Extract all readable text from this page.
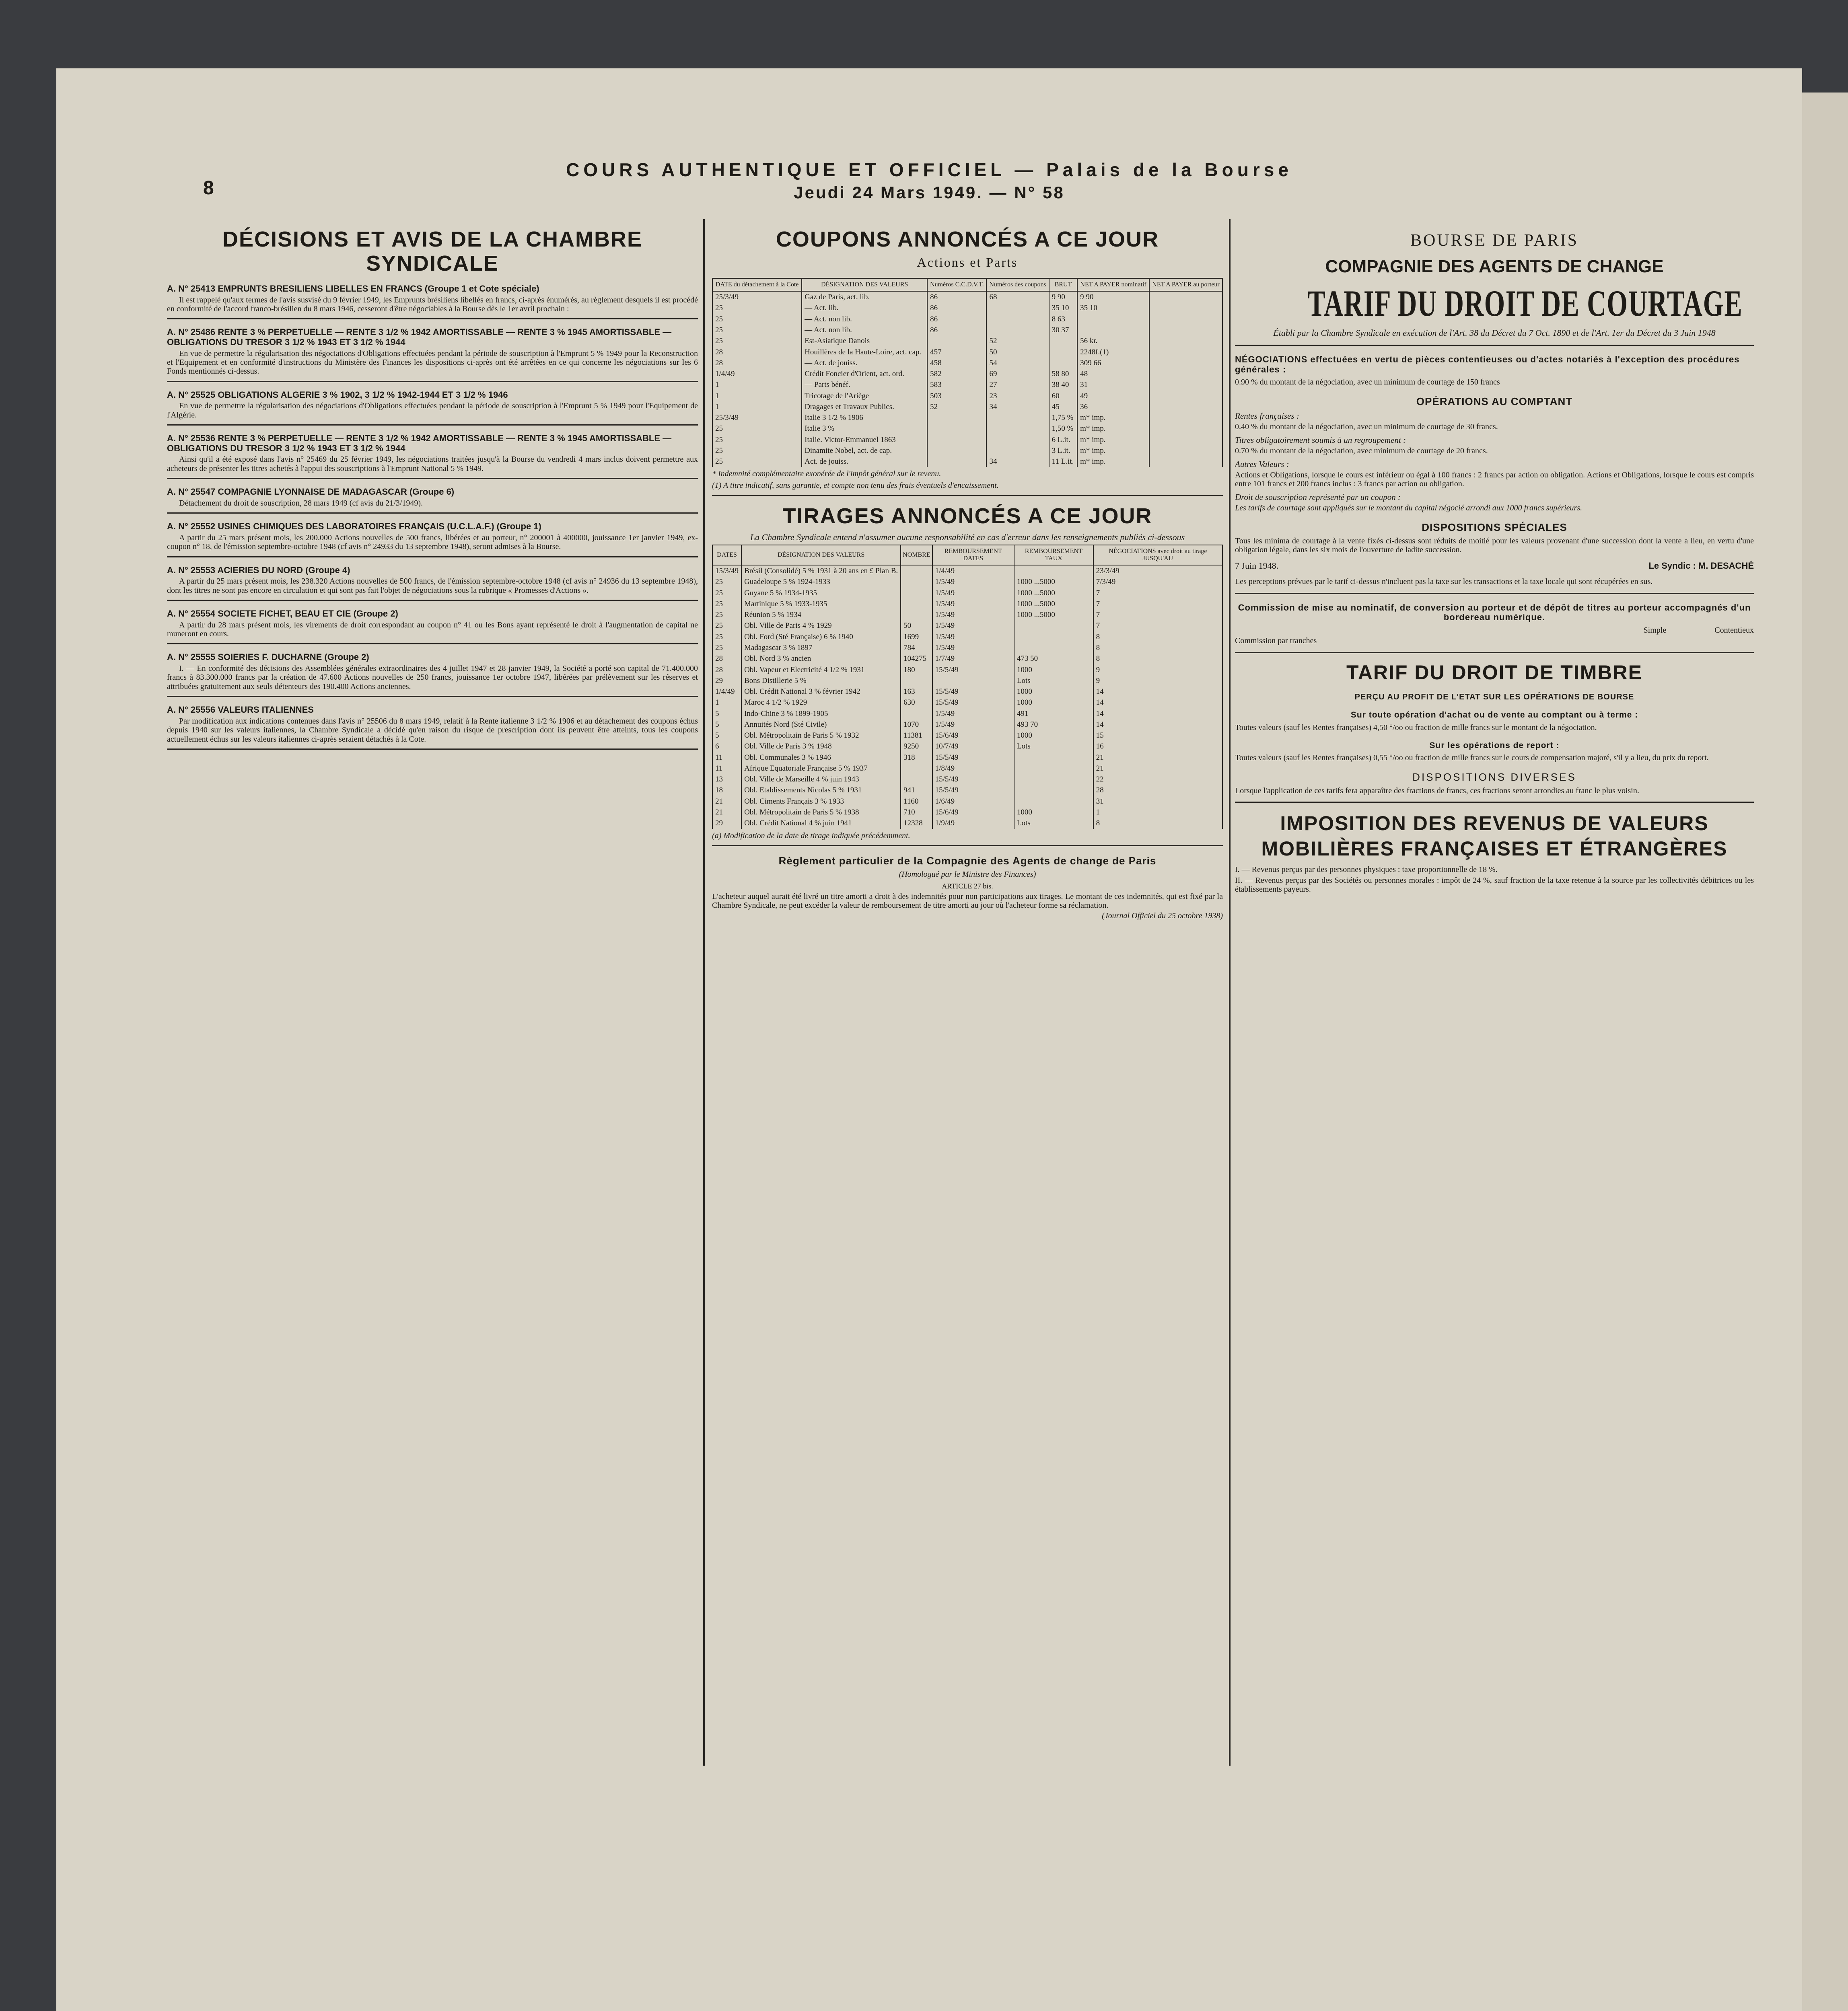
8
COURS AUTHENTIQUE ET OFFICIEL — Palais de la Bourse
Jeudi 24 Mars 1949. — N° 58
DÉCISIONS ET AVIS DE LA CHAMBRE SYNDICALE
A. N° 25413 EMPRUNTS BRESILIENS LIBELLES EN FRANCS (Groupe 1 et Cote spéciale)

Il est rappelé qu'aux termes de l'avis susvisé du 9 février 1949, les Emprunts brésiliens libellés en francs, ci-après énumérés, au règlement desquels il est procédé en conformité de l'accord franco-brésilien du 8 mars 1946, cesseront d'être négociables à la Bourse dès le 1er avril prochain :

A. N° 25486 RENTE 3 % PERPETUELLE — RENTE 3 1/2 % 1942 AMORTISSABLE — RENTE 3 % 1945 AMORTISSABLE — OBLIGATIONS DU TRESOR 3 1/2 % 1943 ET 3 1/2 % 1944

En vue de permettre la régularisation des négociations d'Obligations effectuées pendant la période de souscription à l'Emprunt 5 % 1949 pour la Reconstruction et l'Equipement et en conformité d'instructions du Ministère des Finances les dispositions ci-après ont été arrêtées en ce qui concerne les négociations sur les 6 Fonds mentionnés ci-dessus.

A. N° 25525 OBLIGATIONS ALGERIE 3 % 1902, 3 1/2 % 1942-1944 ET 3 1/2 % 1946

En vue de permettre la régularisation des négociations d'Obligations effectuées pendant la période de souscription à l'Emprunt 5 % 1949 pour l'Equipement de l'Algérie.

A. N° 25536 RENTE 3 % PERPETUELLE — RENTE 3 1/2 % 1942 AMORTISSABLE — RENTE 3 % 1945 AMORTISSABLE — OBLIGATIONS DU TRESOR 3 1/2 % 1943 ET 3 1/2 % 1944

Ainsi qu'il a été exposé dans l'avis n° 25469 du 25 février 1949, les négociations traitées jusqu'à la Bourse du vendredi 4 mars inclus doivent permettre aux acheteurs de présenter les titres achetés à l'appui des souscriptions à l'Emprunt National 5 % 1949.

A. N° 25547 COMPAGNIE LYONNAISE DE MADAGASCAR (Groupe 6)

Détachement du droit de souscription, 28 mars 1949 (cf avis du 21/3/1949).

A. N° 25552 USINES CHIMIQUES DES LABORATOIRES FRANÇAIS (U.C.L.A.F.) (Groupe 1)

A partir du 25 mars présent mois, les 200.000 Actions nouvelles de 500 francs, libérées et au porteur, n° 200001 à 400000, jouissance 1er janvier 1949, ex-coupon n° 18, de l'émission septembre-octobre 1948 (cf avis n° 24933 du 13 septembre 1948), seront admises à la Bourse.

A. N° 25553 ACIERIES DU NORD (Groupe 4)

A partir du 25 mars présent mois, les 238.320 Actions nouvelles de 500 francs, de l'émission septembre-octobre 1948 (cf avis n° 24936 du 13 septembre 1948), dont les titres ne sont pas encore en circulation et qui sont pas fait l'objet de négociations sous la rubrique « Promesses d'Actions ».

A. N° 25554 SOCIETE FICHET, BEAU ET CIE (Groupe 2)

A partir du 28 mars présent mois, les virements de droit correspondant au coupon n° 41 ou les Bons ayant représenté le droit à l'augmentation de capital ne muneront en cours.

A. N° 25555 SOIERIES F. DUCHARNE (Groupe 2)

I. — En conformité des décisions des Assemblées générales extraordinaires des 4 juillet 1947 et 28 janvier 1949, la Société a porté son capital de 71.400.000 francs à 83.300.000 francs par la création de 47.600 Actions nouvelles de 250 francs, jouissance 1er octobre 1947, libérées par prélèvement sur les réserves et attribuées gratuitement aux seuls détenteurs des 190.400 Actions anciennes.

A. N° 25556 VALEURS ITALIENNES

Par modification aux indications contenues dans l'avis n° 25506 du 8 mars 1949, relatif à la Rente italienne 3 1/2 % 1906 et au détachement des coupons échus depuis 1940 sur les valeurs italiennes, la Chambre Syndicale a décidé qu'en raison du risque de prescription dont ils peuvent être atteints, tous les coupons actuellement échus sur les valeurs italiennes ci-après seraient détachés à la Cote.

COUPONS ANNONCÉS A CE JOUR
Actions et Parts
DATE du détachement à la Cote	DÉSIGNATION DES VALEURS	Numéros C.C.D.V.T.	Numéros des coupons	BRUT	NET A PAYER nominatif	NET A PAYER au porteur
25/3/49	Gaz de Paris, act. lib.	86	68	9 90	9 90	
25	— Act. lib.	86		35 10	35 10	
25	— Act. non lib.	86		8 63		
25	— Act. non lib.	86		30 37		
25	Est-Asiatique Danois		52		56 kr.	
28	Houillères de la Haute-Loire, act. cap.	457	50		2248f.(1)	
28	— Act. de jouiss.	458	54		309 66	
1/4/49	Crédit Foncier d'Orient, act. ord.	582	69	58 80	48	
1	— Parts bénéf.	583	27	38 40	31	
1	Tricotage de l'Ariège	503	23	60	49	
1	Dragages et Travaux Publics.	52	34	45	36	
25/3/49	Italie 3 1/2 % 1906			1,75 %	m* imp.	
25	Italie 3 %			1,50 %	m* imp.	
25	Italie. Victor-Emmanuel 1863			6 L.it.	m* imp.	
25	Dinamite Nobel, act. de cap.			3 L.it.	m* imp.	
25	Act. de jouiss.		34	11 L.it.	m* imp.	
* Indemnité complémentaire exonérée de l'impôt général sur le revenu.
(1) A titre indicatif, sans garantie, et compte non tenu des frais éventuels d'encaissement.
TIRAGES ANNONCÉS A CE JOUR
La Chambre Syndicale entend n'assumer aucune responsabilité en cas d'erreur dans les renseignements publiés ci-dessous
DATES	DÉSIGNATION DES VALEURS	NOMBRE	REMBOURSEMENT DATES	REMBOURSEMENT TAUX	NÉGOCIATIONS avec droit au tirage JUSQU'AU
15/3/49	Brésil (Consolidé) 5 % 1931 à 20 ans en £ Plan B.		1/4/49		23/3/49
25	Guadeloupe 5 % 1924-1933		1/5/49	1000 ...5000	7/3/49
25	Guyane 5 % 1934-1935		1/5/49	1000 ...5000	7
25	Martinique 5 % 1933-1935		1/5/49	1000 ...5000	7
25	Réunion 5 % 1934		1/5/49	1000 ...5000	7
25	Obl. Ville de Paris 4 % 1929	50	1/5/49		7
25	Obl. Ford (Sté Française) 6 % 1940	1699	1/5/49		8
25	Madagascar 3 % 1897	784	1/5/49		8
28	Obl. Nord 3 % ancien	104275	1/7/49	473 50	8
28	Obl. Vapeur et Electricité 4 1/2 % 1931	180	15/5/49	1000	9
29	Bons Distillerie 5 %			Lots	9
1/4/49	Obl. Crédit National 3 % février 1942	163	15/5/49	1000	14
1	Maroc 4 1/2 % 1929	630	15/5/49	1000	14
5	Indo-Chine 3 % 1899-1905		1/5/49	491	14
5	Annuités Nord (Sté Civile)	1070	1/5/49	493 70	14
5	Obl. Métropolitain de Paris 5 % 1932	11381	15/6/49	1000	15
6	Obl. Ville de Paris 3 % 1948	9250	10/7/49	Lots	16
11	Obl. Communales 3 % 1946	318	15/5/49		21
11	Afrique Equatoriale Française 5 % 1937		1/8/49		21
13	Obl. Ville de Marseille 4 % juin 1943		15/5/49		22
18	Obl. Etablissements Nicolas 5 % 1931	941	15/5/49		28
21	Obl. Ciments Français 3 % 1933	1160	1/6/49		31
21	Obl. Métropolitain de Paris 5 % 1938	710	15/6/49	1000	1
29	Obl. Crédit National 4 % juin 1941	12328	1/9/49	Lots	8
(a) Modification de la date de tirage indiquée précédemment.
Règlement particulier de la Compagnie des Agents de change de Paris
(Homologué par le Ministre des Finances)
ARTICLE 27 bis.
L'acheteur auquel aurait été livré un titre amorti a droit à des indemnités pour non participations aux tirages. Le montant de ces indemnités, qui est fixé par la Chambre Syndicale, ne peut excéder la valeur de remboursement de titre amorti au jour où l'acheteur forme sa réclamation.
(Journal Officiel du 25 octobre 1938)
BOURSE DE PARIS
COMPAGNIE DES AGENTS DE CHANGE
TARIF DU DROIT DE COURTAGE
Établi par la Chambre Syndicale en exécution de l'Art. 38 du Décret du 7 Oct. 1890 et de l'Art. 1er du Décret du 3 Juin 1948
NÉGOCIATIONS effectuées en vertu de pièces contentieuses ou d'actes notariés à l'exception des procédures générales :
0.90 % du montant de la négociation, avec un minimum de courtage de 150 francs
OPÉRATIONS AU COMPTANT
Rentes françaises :
0.40 % du montant de la négociation, avec un minimum de courtage de 30 francs.
Titres obligatoirement soumis à un regroupement :
0.70 % du montant de la négociation, avec minimum de courtage de 20 francs.
Autres Valeurs :
Actions et Obligations, lorsque le cours est inférieur ou égal à 100 francs : 2 francs par action ou obligation. Actions et Obligations, lorsque le cours est compris entre 101 francs et 200 francs inclus : 3 francs par action ou obligation.
Droit de souscription représenté par un coupon :
Les tarifs de courtage sont appliqués sur le montant du capital négocié arrondi aux 1000 francs supérieurs.
DISPOSITIONS SPÉCIALES
Tous les minima de courtage à la vente fixés ci-dessus sont réduits de moitié pour les valeurs provenant d'une succession dont la vente a lieu, en vertu d'une obligation légale, dans les six mois de l'ouverture de ladite succession.
7 Juin 1948.	Le Syndic : M. DESACHÉ
Les perceptions prévues par le tarif ci-dessus n'incluent pas la taxe sur les transactions et la taxe locale qui sont récupérées en sus.
Commission de mise au nominatif, de conversion au porteur et de dépôt de titres au porteur accompagnés d'un bordereau numérique.
Simple	Contentieux
Commission par tranches
TARIF DU DROIT DE TIMBRE
PERÇU AU PROFIT DE L'ETAT SUR LES OPÉRATIONS DE BOURSE
Sur toute opération d'achat ou de vente au comptant ou à terme :
Toutes valeurs (sauf les Rentes françaises) 4,50 °/oo ou fraction de mille francs sur le montant de la négociation.
Sur les opérations de report :
Toutes valeurs (sauf les Rentes françaises) 0,55 °/oo ou fraction de mille francs sur le cours de compensation majoré, s'il y a lieu, du prix du report.
DISPOSITIONS DIVERSES
Lorsque l'application de ces tarifs fera apparaître des fractions de francs, ces fractions seront arrondies au franc le plus voisin.
IMPOSITION DES REVENUS DE VALEURS MOBILIÈRES FRANÇAISES ET ÉTRANGÈRES
I. — Revenus perçus par des personnes physiques : taxe proportionnelle de 18 %.
II. — Revenus perçus par des Sociétés ou personnes morales : impôt de 24 %, sauf fraction de la taxe retenue à la source par les collectivités débitrices ou les établissements payeurs.
